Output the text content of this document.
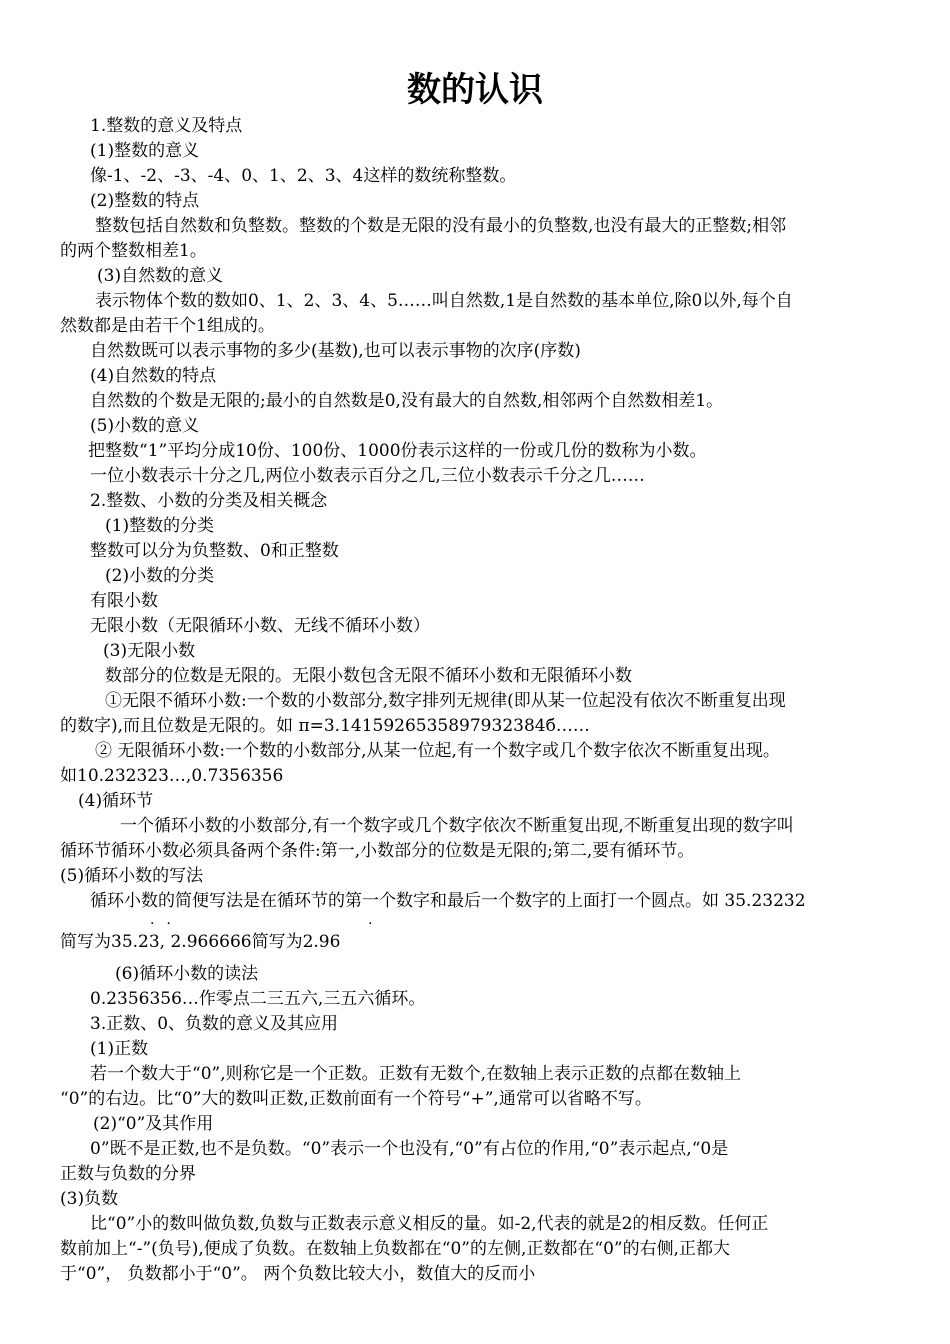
数的认识
1.整数的意义及特点
(1)整数的意义
像-1、-2、-3、-4、0、1、2、3、4这样的数统称整数。
(2)整数的特点
整数包括自然数和负整数。整数的个数是无限的没有最小的负整数,也没有最大的正整数;相邻
的两个整数相差1。
(3)自然数的意义
表示物体个数的数如0、1、2、3、4、5……叫自然数,1是自然数的基本单位,除0以外,每个自
然数都是由若干个1组成的。
自然数既可以表示事物的多少(基数),也可以表示事物的次序(序数)
(4)自然数的特点
自然数的个数是无限的;最小的自然数是0,没有最大的自然数,相邻两个自然数相差1。
(5)小数的意义
把整数“1”平均分成10份、100份、1000份表示这样的一份或几份的数称为小数。
一位小数表示十分之几,两位小数表示百分之几,三位小数表示千分之几……
2.整数、小数的分类及相关概念
(1)整数的分类
整数可以分为负整数、0和正整数
(2)小数的分类
有限小数
无限小数（无限循环小数、无线不循环小数）
(3)无限小数
数部分的位数是无限的。无限小数包含无限不循环小数和无限循环小数
①无限不循环小数:一个数的小数部分,数字排列无规律(即从某一位起没有依次不断重复出现
的数字),而且位数是无限的。如 π=3.1415926535897932384б……
② 无限循环小数:一个数的小数部分,从某一位起,有一个数字或几个数字依次不断重复出现。
如10.232323…,0.7356356
(4)循环节
一个循环小数的小数部分,有一个数字或几个数字依次不断重复出现,不断重复出现的数字叫
循环节循环小数必须具备两个条件:第一,小数部分的位数是无限的;第二,要有循环节。
(5)循环小数的写法
循环小数的简便写法是在循环节的第一个数字和最后一个数字的上面打一个圆点。如 35.23232
.  .	.
简写为35.23, 2.966666简写为2.96
(6)循环小数的读法
0.2356356…作零点二三五六,三五六循环。
3.正数、0、负数的意义及其应用
(1)正数
若一个数大于“0”,则称它是一个正数。正数有无数个,在数轴上表示正数的点都在数轴上
“0”的右边。比“0”大的数叫正数,正数前面有一个符号“+”,通常可以省略不写。
(2)“0”及其作用
0”既不是正数,也不是负数。“0”表示一个也没有,“0”有占位的作用,“0”表示起点,“0是
正数与负数的分界
(3)负数
比“0”小的数叫做负数,负数与正数表示意义相反的量。如-2,代表的就是2的相反数。任何正
数前加上“-”(负号),便成了负数。在数轴上负数都在“0”的左侧,正数都在“0”的右侧,正都大
于“0”， 负数都小于“0”。 两个负数比较大小，数值大的反而小
